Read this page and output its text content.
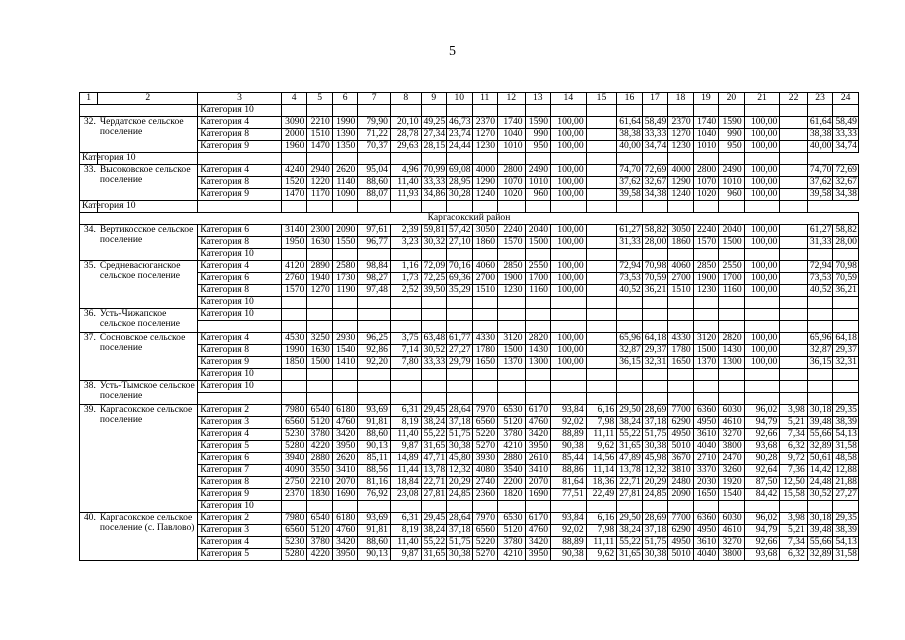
5
1	2	3	4	5	6	7	8	9	10	11	12	13	14	15	16	17	18	19	20	21	22	23	24
		Категория 10																					
32.	Чердатское сельское поселение	Категория 4	3090	2210	1990	79,90	20,10	49,25	46,73	2370	1740	1590	100,00		61,64	58,49	2370	1740	1590	100,00		61,64	58,49
		Категория 8	2000	1510	1390	71,22	28,78	27,34	23,74	1270	1040	990	100,00		38,38	33,33	1270	1040	990	100,00		38,38	33,33
		Категория 9	1960	1470	1350	70,37	29,63	28,15	24,44	1230	1010	950	100,00		40,00	34,74	1230	1010	950	100,00		40,00	34,74
Категория 10																							
33.	Высоковское сельское поселение	Категория 4	4240	2940	2620	95,04	4,96	70,99	69,08	4000	2800	2490	100,00		74,70	72,69	4000	2800	2490	100,00		74,70	72,69
		Категория 8	1520	1220	1140	88,60	11,40	33,33	28,95	1290	1070	1010	100,00		37,62	32,67	1290	1070	1010	100,00		37,62	32,67
		Категория 9	1470	1170	1090	88,07	11,93	34,86	30,28	1240	1020	960	100,00		39,58	34,38	1240	1020	960	100,00		39,58	34,38
Категория 10																							
Каргасокский район																							
34.	Вертикосское сельское поселение	Категория 6	3140	2300	2090	97,61	2,39	59,81	57,42	3050	2240	2040	100,00		61,27	58,82	3050	2240	2040	100,00		61,27	58,82
		Категория 8	1950	1630	1550	96,77	3,23	30,32	27,10	1860	1570	1500	100,00		31,33	28,00	1860	1570	1500	100,00		31,33	28,00
		Категория 10																					
35.	Средневасюганское сельское поселение	Категория 4	4120	2890	2580	98,84	1,16	72,09	70,16	4060	2850	2550	100,00		72,94	70,98	4060	2850	2550	100,00		72,94	70,98
		Категория 6	2760	1940	1730	98,27	1,73	72,25	69,36	2700	1900	1700	100,00		73,53	70,59	2700	1900	1700	100,00		73,53	70,59
		Категория 8	1570	1270	1190	97,48	2,52	39,50	35,29	1510	1230	1160	100,00		40,52	36,21	1510	1230	1160	100,00		40,52	36,21
		Категория 10																					
36.	Усть-Чижапское сельское поселение	Категория 10																					

37.	Сосновское сельское поселение	Категория 4	4530	3250	2930	96,25	3,75	63,48	61,77	4330	3120	2820	100,00		65,96	64,18	4330	3120	2820	100,00		65,96	64,18
		Категория 8	1990	1630	1540	92,86	7,14	30,52	27,27	1780	1500	1430	100,00		32,87	29,37	1780	1500	1430	100,00		32,87	29,37
		Категория 9	1850	1500	1410	92,20	7,80	33,33	29,79	1650	1370	1300	100,00		36,15	32,31	1650	1370	1300	100,00		36,15	32,31
		Категория 10																					
38.	Усть-Тымское сельское поселение	Категория 10																					

39.	Каргасокское сельское поселение	Категория 2	7980	6540	6180	93,69	6,31	29,45	28,64	7970	6530	6170	93,84	6,16	29,50	28,69	7700	6360	6030	96,02	3,98	30,18	29,35
		Категория 3	6560	5120	4760	91,81	8,19	38,24	37,18	6560	5120	4760	92,02	7,98	38,24	37,18	6290	4950	4610	94,79	5,21	39,48	38,39
		Категория 4	5230	3780	3420	88,60	11,40	55,22	51,75	5220	3780	3420	88,89	11,11	55,22	51,75	4950	3610	3270	92,66	7,34	55,66	54,13
		Категория 5	5280	4220	3950	90,13	9,87	31,65	30,38	5270	4210	3950	90,38	9,62	31,65	30,38	5010	4040	3800	93,68	6,32	32,89	31,58
		Категория 6	3940	2880	2620	85,11	14,89	47,71	45,80	3930	2880	2610	85,44	14,56	47,89	45,98	3670	2710	2470	90,28	9,72	50,61	48,58
		Категория 7	4090	3550	3410	88,56	11,44	13,78	12,32	4080	3540	3410	88,86	11,14	13,78	12,32	3810	3370	3260	92,64	7,36	14,42	12,88
		Категория 8	2750	2210	2070	81,16	18,84	22,71	20,29	2740	2200	2070	81,64	18,36	22,71	20,29	2480	2030	1920	87,50	12,50	24,48	21,88
		Категория 9	2370	1830	1690	76,92	23,08	27,81	24,85	2360	1820	1690	77,51	22,49	27,81	24,85	2090	1650	1540	84,42	15,58	30,52	27,27
		Категория 10																					
40.	Каргасокское сельское поселение (с. Павлово)	Категория 2	7980	6540	6180	93,69	6,31	29,45	28,64	7970	6530	6170	93,84	6,16	29,50	28,69	7700	6360	6030	96,02	3,98	30,18	29,35
		Категория 3	6560	5120	4760	91,81	8,19	38,24	37,18	6560	5120	4760	92,02	7,98	38,24	37,18	6290	4950	4610	94,79	5,21	39,48	38,39
		Категория 4	5230	3780	3420	88,60	11,40	55,22	51,75	5220	3780	3420	88,89	11,11	55,22	51,75	4950	3610	3270	92,66	7,34	55,66	54,13
		Категория 5	5280	4220	3950	90,13	9,87	31,65	30,38	5270	4210	3950	90,38	9,62	31,65	30,38	5010	4040	3800	93,68	6,32	32,89	31,58
